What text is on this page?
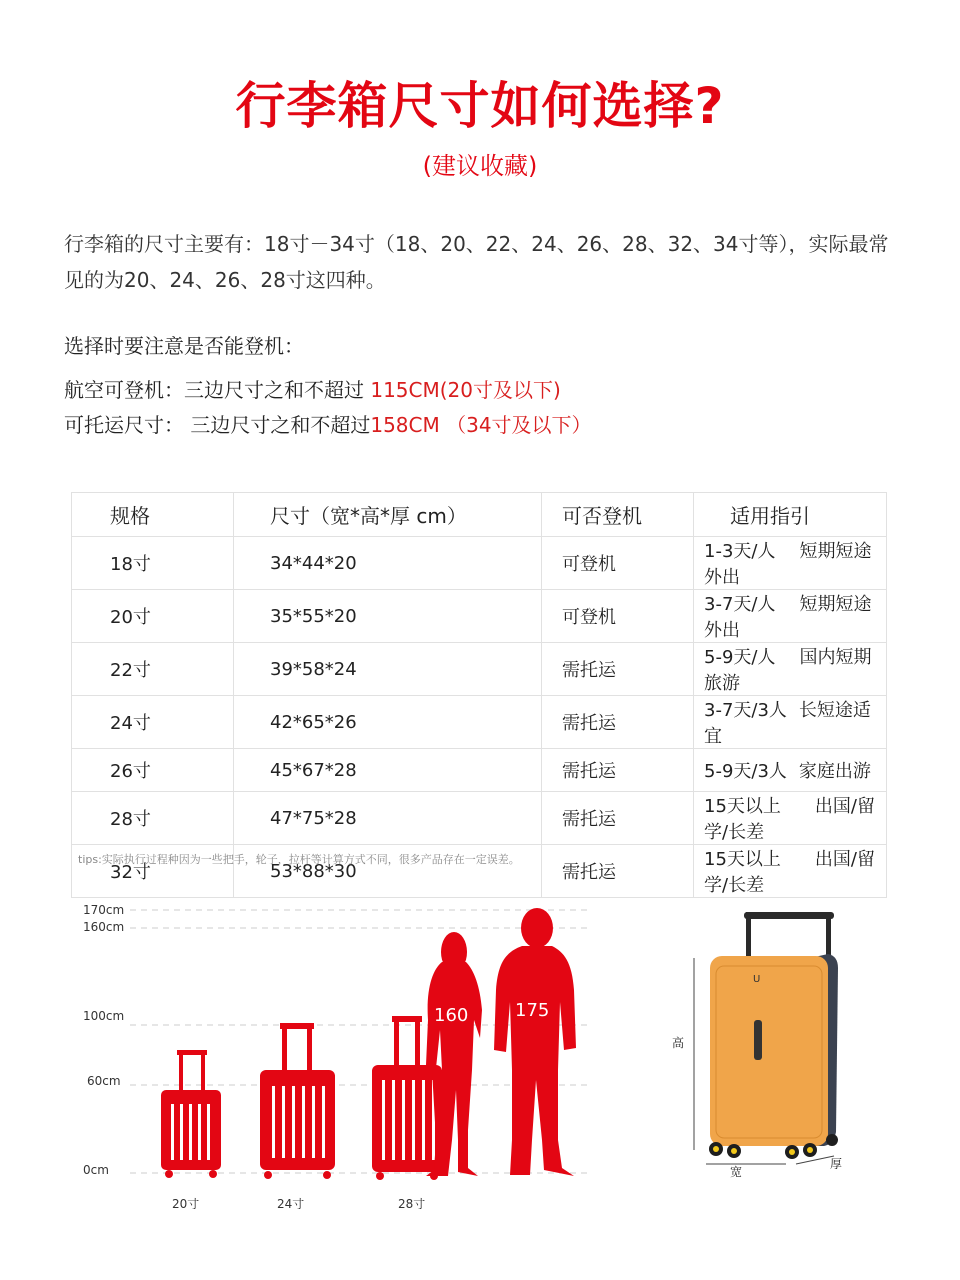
行李箱尺寸如何选择?
(建议收藏)
行李箱的尺寸主要有：18寸－34寸（18、20、22、24、26、28、32、34寸等），实际最常见的为20、24、26、28寸这四种。
选择时要注意是否能登机：
航空可登机：三边尺寸之和不超过 115CM(20寸及以下)
可托运尺寸： 三边尺寸之和不超过158CM （34寸及以下）
规格	尺寸（宽*高*厚 cm）	可否登机	适用指引
18寸	34*44*20	可登机	1-3天/人 短期短途外出
20寸	35*55*20	可登机	3-7天/人 短期短途外出
22寸	39*58*24	需托运	5-9天/人 国内短期旅游
24寸	42*65*26	需托运	3-7天/3人 长短途适宜
26寸	45*67*28	需托运	5-9天/3人 家庭出游
28寸	47*75*28	需托运	15天以上 出国/留学/长差
32寸	53*88*30	需托运	15天以上 出国/留学/长差
tips:实际执行过程种因为一些把手，轮子，拉杆等计算方式不同，很多产品存在一定误差。
160	175
170cm
160cm
100cm
60cm
0cm
20寸	24寸	28寸
U
高
宽
厚
